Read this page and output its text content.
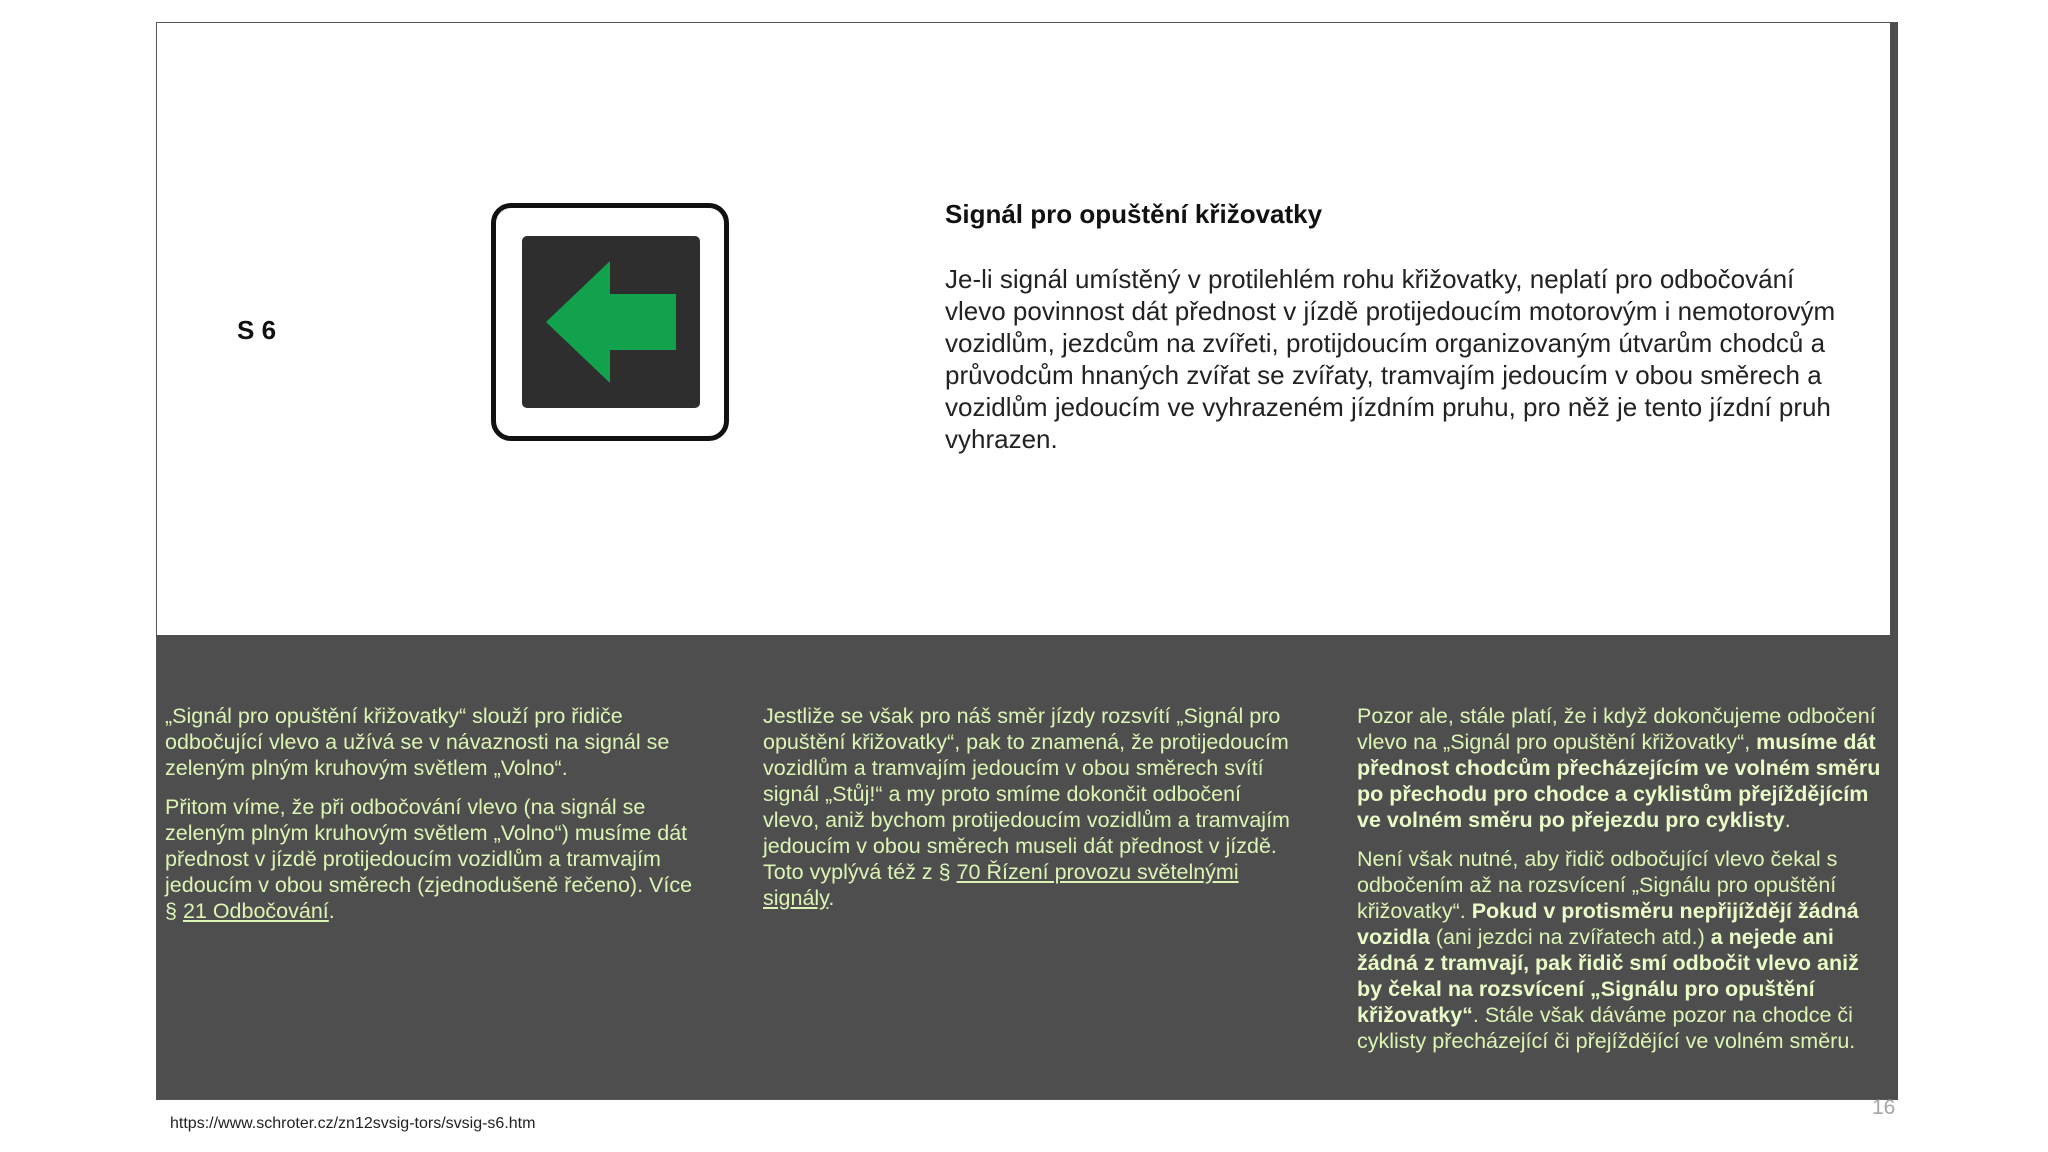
S 6

Signál pro opuštění křižovatky

Je-li signál umístěný v protilehlém rohu křižovatky, neplatí pro odbočování vlevo povinnost dát přednost v jízdě protijedoucím motorovým i nemotorovým vozidlům, jezdcům na zvířeti, protijdoucím organizovaným útvarům chodců a průvodcům hnaných zvířat se zvířaty, tramvajím jedoucím v obou směrech a vozidlům jedoucím ve vyhrazeném jízdním pruhu, pro něž je tento jízdní pruh vyhrazen.

„Signál pro opuštění křižovatky“ slouží pro řidiče odbočující vlevo a užívá se v návaznosti na signál se zeleným plným kruhovým světlem „Volno“.

Přitom víme, že při odbočování vlevo (na signál se zeleným plným kruhovým světlem „Volno“) musíme dát přednost v jízdě protijedoucím vozidlům a tramvajím jedoucím v obou směrech (zjednodušeně řečeno). Více § 21 Odbočování.

Jestliže se však pro náš směr jízdy rozsvítí „Signál pro opuštění křižovatky“, pak to znamená, že protijedoucím vozidlům a tramvajím jedoucím v obou směrech svítí signál „Stůj!“ a my proto smíme dokončit odbočení vlevo, aniž bychom protijedoucím vozidlům a tramvajím jedoucím v obou směrech museli dát přednost v jízdě. Toto vyplývá též z § 70 Řízení provozu světelnými signály.

Pozor ale, stále platí, že i když dokončujeme odbočení vlevo na „Signál pro opuštění křižovatky“, musíme dát přednost chodcům přecházejícím ve volném směru po přechodu pro chodce a cyklistům přejíždějícím ve volném směru po přejezdu pro cyklisty.

Není však nutné, aby řidič odbočující vlevo čekal s odbočením až na rozsvícení „Signálu pro opuštění křižovatky“. Pokud v protisměru nepřijíždějí žádná vozidla (ani jezdci na zvířatech atd.) a nejede ani žádná z tramvají, pak řidič smí odbočit vlevo aniž by čekal na rozsvícení „Signálu pro opuštění křižovatky“. Stále však dáváme pozor na chodce či cyklisty přecházející či přejíždějící ve volném směru.

https://www.schroter.cz/zn12svsig-tors/svsig-s6.htm
16
